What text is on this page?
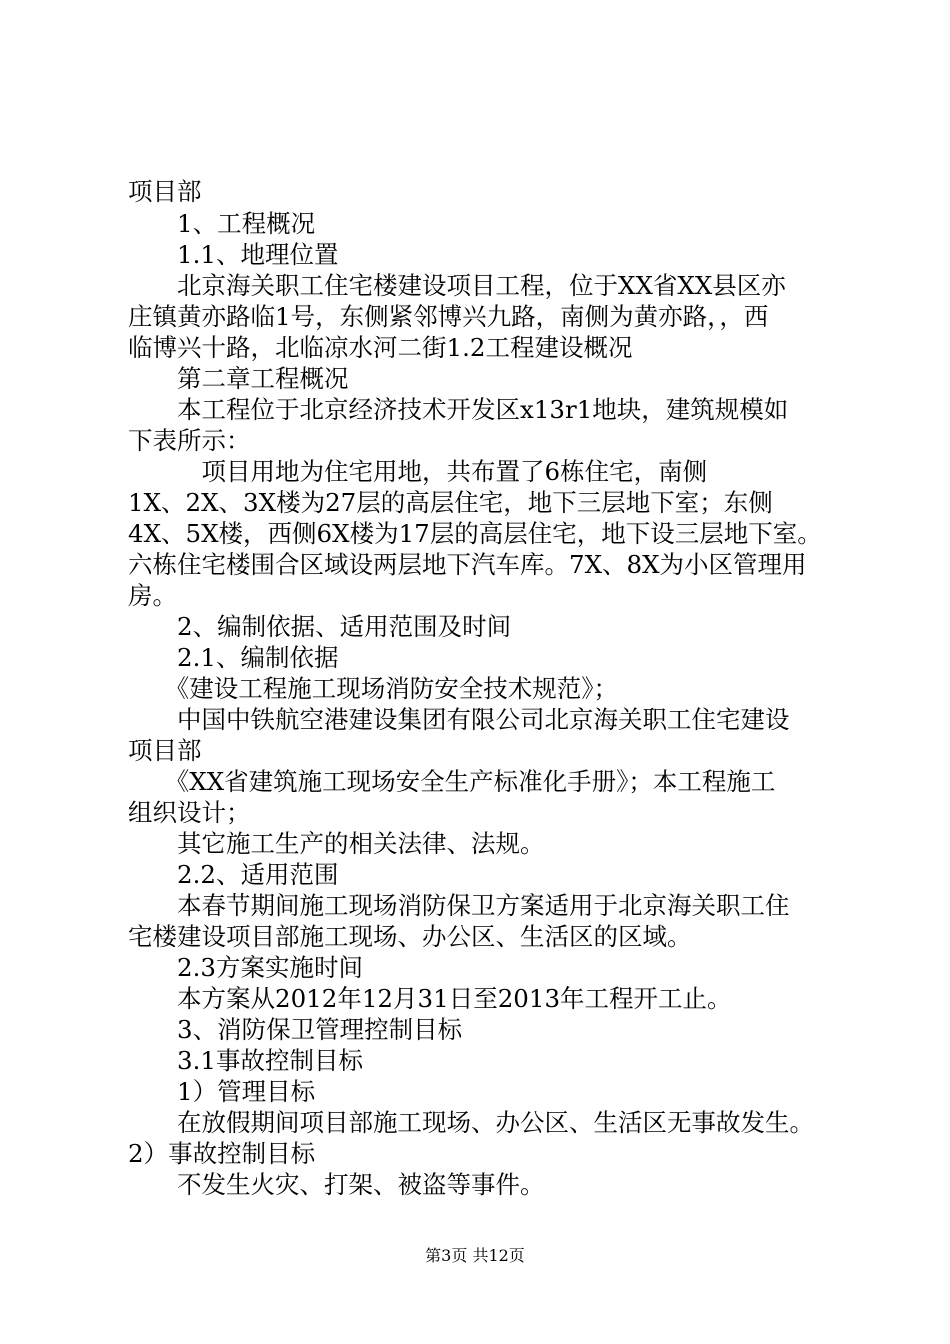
项目部
　　1、工程概况
　　1.1、地理位置
　　北京海关职工住宅楼建设项目工程，位于XX省XX县区亦
庄镇黄亦路临1号，东侧紧邻博兴九路，南侧为黄亦路，，西
临博兴十路，北临凉水河二街1.2工程建设概况
　　第二章工程概况
　　本工程位于北京经济技术开发区x13r1地块，建筑规模如
下表所示：
　　　项目用地为住宅用地，共布置了6栋住宅，南侧
1X、2X、3X楼为27层的高层住宅，地下三层地下室；东侧
4X、5X楼，西侧6X楼为17层的高层住宅，地下设三层地下室。
六栋住宅楼围合区域设两层地下汽车库。7X、8X为小区管理用
房。
　　2、编制依据、适用范围及时间
　　2.1、编制依据
　　《建设工程施工现场消防安全技术规范》；
　　中国中铁航空港建设集团有限公司北京海关职工住宅建设
项目部
　　《XX省建筑施工现场安全生产标准化手册》；本工程施工
组织设计；
　　其它施工生产的相关法律、法规。
　　2.2、适用范围
　　本春节期间施工现场消防保卫方案适用于北京海关职工住
宅楼建设项目部施工现场、办公区、生活区的区域。
　　2.3方案实施时间
　　本方案从2012年12月31日至2013年工程开工止。
　　3、消防保卫管理控制目标
　　3.1事故控制目标
　　1）管理目标
　　在放假期间项目部施工现场、办公区、生活区无事故发生。
2）事故控制目标
　　不发生火灾、打架、被盗等事件。
第3页 共12页
